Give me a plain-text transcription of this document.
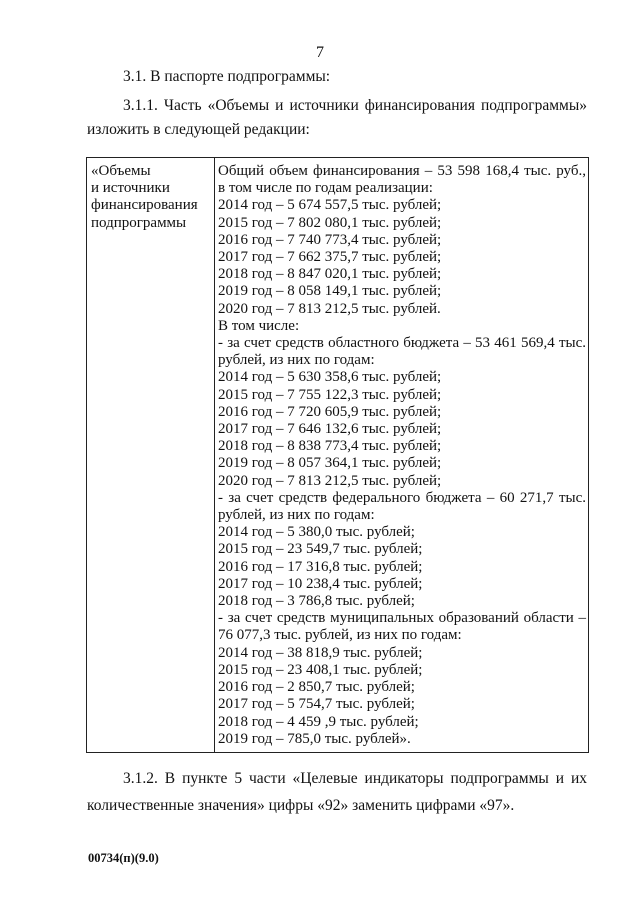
7
3.1. В паспорте подпрограммы:
3.1.1. Часть «Объемы и источники финансирования подпрограммы»
изложить в следующей редакции:
«Объемы
и источники
финансирования
подпрограммы
Общий объем финансирования – 53 598 168,4 тыс. руб.,
в том числе по годам реализации:
2014 год – 5 674 557,5 тыс. рублей;
2015 год – 7 802 080,1 тыс. рублей;
2016 год – 7 740 773,4 тыс. рублей;
2017 год – 7 662 375,7 тыс. рублей;
2018 год – 8 847 020,1 тыс. рублей;
2019 год – 8 058 149,1 тыс. рублей;
2020 год – 7 813 212,5 тыс. рублей.
В том числе:
- за счет средств областного бюджета – 53 461 569,4 тыс.
рублей, из них по годам:
2014 год – 5 630 358,6 тыс. рублей;
2015 год – 7 755 122,3 тыс. рублей;
2016 год – 7 720 605,9 тыс. рублей;
2017 год – 7 646 132,6 тыс. рублей;
2018 год – 8 838 773,4 тыс. рублей;
2019 год – 8 057 364,1 тыс. рублей;
2020 год – 7 813 212,5 тыс. рублей;
- за счет средств федерального бюджета – 60 271,7 тыс.
рублей, из них по годам:
2014 год – 5 380,0 тыс. рублей;
2015 год – 23 549,7 тыс. рублей;
2016 год – 17 316,8 тыс. рублей;
2017 год – 10 238,4 тыс. рублей;
2018 год – 3 786,8 тыс. рублей;
- за счет средств муниципальных образований области –
76 077,3 тыс. рублей, из них по годам:
2014 год – 38 818,9 тыс. рублей;
2015 год – 23 408,1 тыс. рублей;
2016 год – 2 850,7 тыс. рублей;
2017 год – 5 754,7 тыс. рублей;
2018 год – 4 459 ,9 тыс. рублей;
2019 год – 785,0 тыс. рублей».
3.1.2. В пункте 5 части «Целевые индикаторы подпрограммы и их
количественные значения» цифры «92» заменить цифрами «97».
00734(п)(9.0)
